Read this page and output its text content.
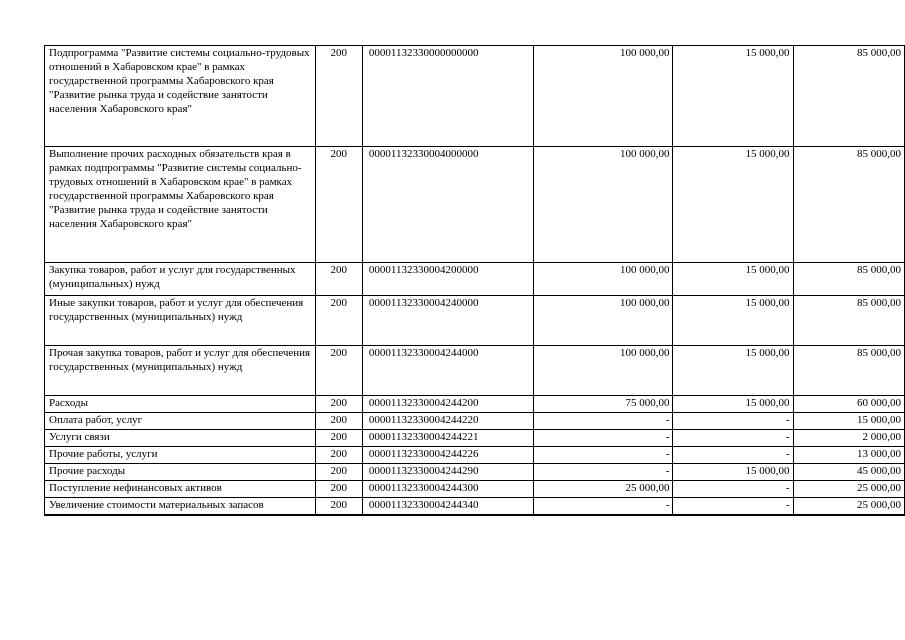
Подпрограмма "Развитие системы социально-трудовых отношений в Хабаровском крае" в рамках государственной программы Хабаровского края "Развитие рынка труда и содействие занятости населения Хабаровского края"	200	00001132330000000000	100 000,00	15 000,00	85 000,00
Выполнение прочих расходных обязательств края в рамках подпрограммы "Развитие системы социально-трудовых отношений в Хабаровском крае" в рамках государственной программы Хабаровского края "Развитие рынка труда и содействие занятости населения Хабаровского края"	200	00001132330004000000	100 000,00	15 000,00	85 000,00
Закупка товаров, работ и услуг для государственных (муниципальных) нужд	200	00001132330004200000	100 000,00	15 000,00	85 000,00
Иные закупки товаров, работ и услуг для обеспечения государственных (муниципальных) нужд	200	00001132330004240000	100 000,00	15 000,00	85 000,00
Прочая закупка товаров, работ и услуг для обеспечения государственных (муниципальных) нужд	200	00001132330004244000	100 000,00	15 000,00	85 000,00
Расходы	200	00001132330004244200	75 000,00	15 000,00	60 000,00
Оплата работ, услуг	200	00001132330004244220	-	-	15 000,00
Услуги связи	200	00001132330004244221	-	-	2 000,00
Прочие работы, услуги	200	00001132330004244226	-	-	13 000,00
Прочие расходы	200	00001132330004244290	-	15 000,00	45 000,00
Поступление нефинансовых активов	200	00001132330004244300	25 000,00	-	25 000,00
Увеличение стоимости материальных запасов	200	00001132330004244340	-	-	25 000,00
